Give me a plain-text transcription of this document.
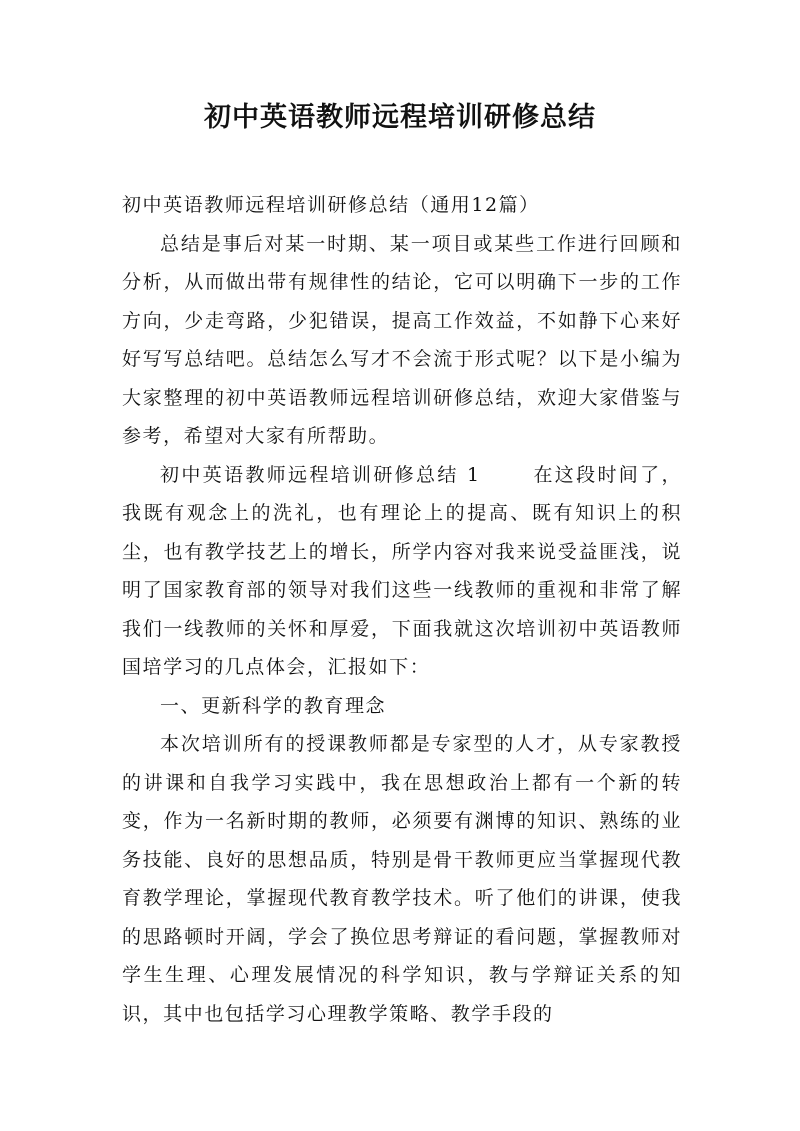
初中英语教师远程培训研修总结

初中英语教师远程培训研修总结（通用12篇）

总结是事后对某一时期、某一项目或某些工作进行回顾和分析，从而做出带有规律性的结论，它可以明确下一步的工作方向，少走弯路，少犯错误，提高工作效益，不如静下心来好好写写总结吧。总结怎么写才不会流于形式呢？以下是小编为大家整理的初中英语教师远程培训研修总结，欢迎大家借鉴与参考，希望对大家有所帮助。

初中英语教师远程培训研修总结 1	在这段时间了，我既有观念上的洗礼，也有理论上的提高、既有知识上的积尘，也有教学技艺上的增长，所学内容对我来说受益匪浅，说明了国家教育部的领导对我们这些一线教师的重视和非常了解我们一线教师的关怀和厚爱，下面我就这次培训初中英语教师国培学习的几点体会，汇报如下：

一、更新科学的教育理念

本次培训所有的授课教师都是专家型的人才，从专家教授的讲课和自我学习实践中，我在思想政治上都有一个新的转变，作为一名新时期的教师，必须要有渊博的知识、熟练的业务技能、良好的思想品质，特别是骨干教师更应当掌握现代教育教学理论，掌握现代教育教学技术。听了他们的讲课，使我的思路顿时开阔，学会了换位思考辩证的看问题，掌握教师对学生生理、心理发展情况的科学知识，教与学辩证关系的知识，其中也包括学习心理教学策略、教学手段的
